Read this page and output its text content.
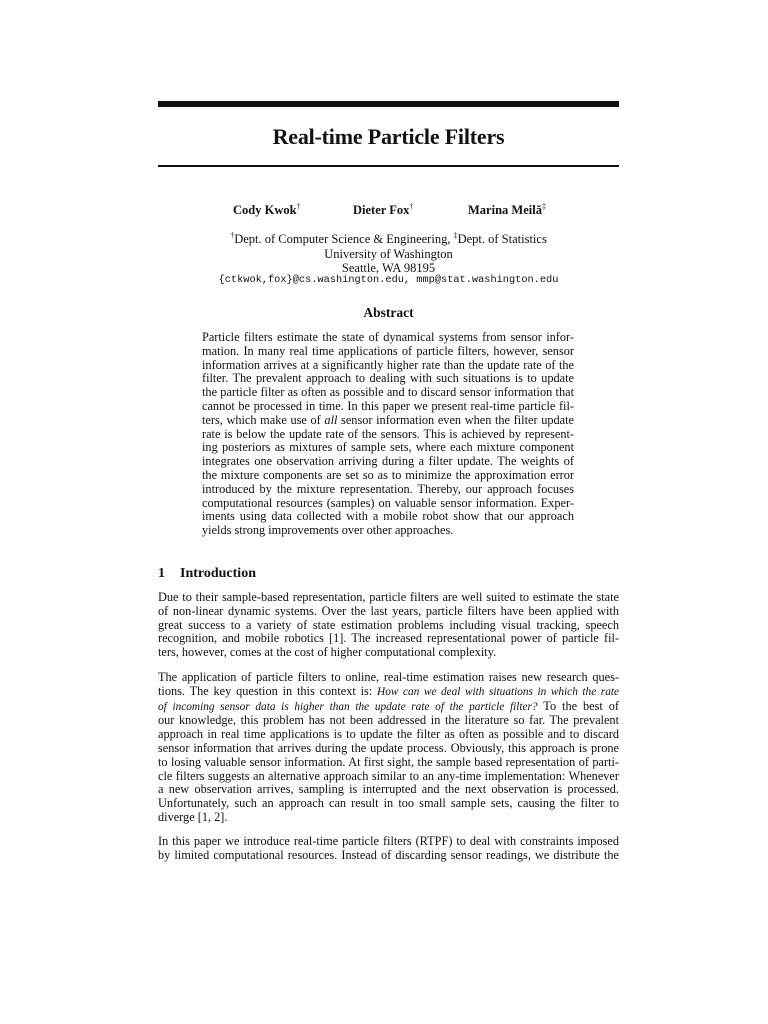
Real-time Particle Filters
Cody Kwok†	Dieter Fox†	Marina Meilă‡
†Dept. of Computer Science & Engineering, ‡Dept. of Statistics
University of Washington
Seattle, WA 98195
{ctkwok,fox}@cs.washington.edu, mmp@stat.washington.edu
Abstract
Particle filters estimate the state of dynamical systems from sensor infor-
mation. In many real time applications of particle filters, however, sensor
information arrives at a significantly higher rate than the update rate of the
filter. The prevalent approach to dealing with such situations is to update
the particle filter as often as possible and to discard sensor information that
cannot be processed in time. In this paper we present real-time particle fil-
ters, which make use of all sensor information even when the filter update
rate is below the update rate of the sensors. This is achieved by represent-
ing posteriors as mixtures of sample sets, where each mixture component
integrates one observation arriving during a filter update. The weights of
the mixture components are set so as to minimize the approximation error
introduced by the mixture representation. Thereby, our approach focuses
computational resources (samples) on valuable sensor information. Exper-
iments using data collected with a mobile robot show that our approach
yields strong improvements over other approaches.
1 Introduction
Due to their sample-based representation, particle filters are well suited to estimate the state
of non-linear dynamic systems. Over the last years, particle filters have been applied with
great success to a variety of state estimation problems including visual tracking, speech
recognition, and mobile robotics [1]. The increased representational power of particle fil-
ters, however, comes at the cost of higher computational complexity.
The application of particle filters to online, real-time estimation raises new research ques-
tions. The key question in this context is: How can we deal with situations in which the rate
of incoming sensor data is higher than the update rate of the particle filter? To the best of
our knowledge, this problem has not been addressed in the literature so far. The prevalent
approach in real time applications is to update the filter as often as possible and to discard
sensor information that arrives during the update process. Obviously, this approach is prone
to losing valuable sensor information. At first sight, the sample based representation of parti-
cle filters suggests an alternative approach similar to an any-time implementation: Whenever
a new observation arrives, sampling is interrupted and the next observation is processed.
Unfortunately, such an approach can result in too small sample sets, causing the filter to
diverge [1, 2].
In this paper we introduce real-time particle filters (RTPF) to deal with constraints imposed
by limited computational resources. Instead of discarding sensor readings, we distribute the
